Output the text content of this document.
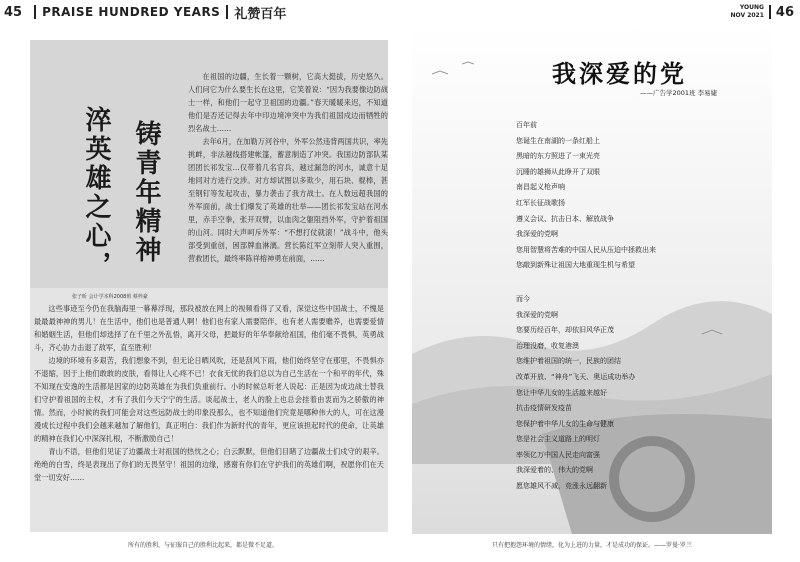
45 PRAISE HUNDRED YEARS 礼赞百年	YOUNG
NOV 2021 46
淬英雄之心， 铸青年精神
张子昕 会计学本科2008班 蔡梓豪

在祖国的边疆，生长着一颗树，它高大挺拔，历史悠久。人们问它为什么要生长在这里，它笑着说：“因为我要像边防战士一样，和他们一起守卫祖国的边疆。”春天暖暖来迟，不知道他们是否还记得去年中印边境冲突中为我们祖国戍边而牺牲的烈名战士……

去年6月，在加勒万河谷中，外军公然违背两国共识，率先挑衅，非法越线搭建帐篷，蓄意制造了冲突。我国边防部队某团团长祁发宝…仅带着几名官兵，越过漏急的河水，诚意十足地同对方进行交涉。对方却试图以多欺少，用石块、棍棒，甚至钢钉等发起攻击，暴力袭击了我方战士。在人数远超我国的外军面前，战士们爆发了英雄的壮举——团长祁发宝站在河水里，赤手空拳，张开双臂，以血肉之躯阻挡外军，守护着祖国的山河。同时大声呵斥外军：“不想打仗就滚！”战斗中，他头部受到重创，困部牌血淋漓。营长陈红军立刻带人突入重围，营救团长，最终率陈祥榕神勇在前面，……

这些事迹至今仍在我脑海里一幕幕浮现，那段被放在网上的视频看得了又看，深觉这些中国战士，不愧是最最最神神的男儿！在生活中，他们也是普通人啊！他们也有家人需要陪伴，也有老人需要赡养，也需要爱情和婚姻生活，但他们却选择了在千里之外乱悟，离开父母，把最好的年华奉献给祖国，他们毫不畏惧，英勇战斗，齐心协力击退了敌军，直至胜利！

边境的环境有多艰苦，我们想象不到，但无论日晒风吹，还是刮风下雨，他们始终坚守在那里，不畏惧亦不退缩，因于上他们敢敢的皮肤，看得让人心疼不已！衣食无忧的我们总以为自己生活在一个和平的年代，殊不知现在安逸的生活都是因家的边防英雄在为我们负重前行。小的时候总听老人说起：正是因为成边战士替我们守护着祖国的主权，才有了我们今天宁宁的生活。谈起战士，老人的脸上也总会挂着由衷而为之骄傲的神情。然而，小时候的我们可能会对这些远防战士的印象没那么，也不知道他们究竟是哪种伟大的人，可在这漫漫成长过程中我们会越来越加了解他们，真正明白：我们作为新时代的青年，更应该担起时代的使命，让英雄的精神在我们心中深深扎根，不断激励自己！

青山不语，但他们见证了边疆战士对祖国的热忱之心；白云默默，但他们目睹了边疆战士们戍守的艰辛。绝绝的白雪，终是表现出了你们的无畏坚守！祖国的边缘，感谢有你们在守护我们的英雄们啊，祝愿你们在天堂一切安好……

所有的胜利，与征服自己的胜利比起来，都是微不足道。
我深爱的党
——广告学2001班 李易婕
百年前
您诞生在南湖的一条红船上
黑暗的东方照进了一束光亮
沉睡的雄狮从此睁开了双眼
南昌起义枪声响
红军长征战歌扬
遵义会议、抗击日本、解放战争
我深爱的党啊
您用智慧将苦难的中国人民从压迫中拯救出来
您敲到新殊让祖国大地重现生机与希望
而今
我深爱的党啊
您要历经百年，却依旧风华正茂
治理没磨，收复港澳
您维护着祖国的统一，民族的团结
改革开放、“神舟”飞天、奥运成功举办
您让中华儿女的生活越来越好
抗击疫情研发疫苗
您保护着中华儿女的生命与健康
您是社会主义道路上的明灯
率领亿万中国人民走向富强
我深爱着的、伟大的党啊
愿您雄风不减，竞涨永远翻新
只有把抱怨环境的情绪，化为上进的力量，才是成功的保证。——罗曼·罗兰
